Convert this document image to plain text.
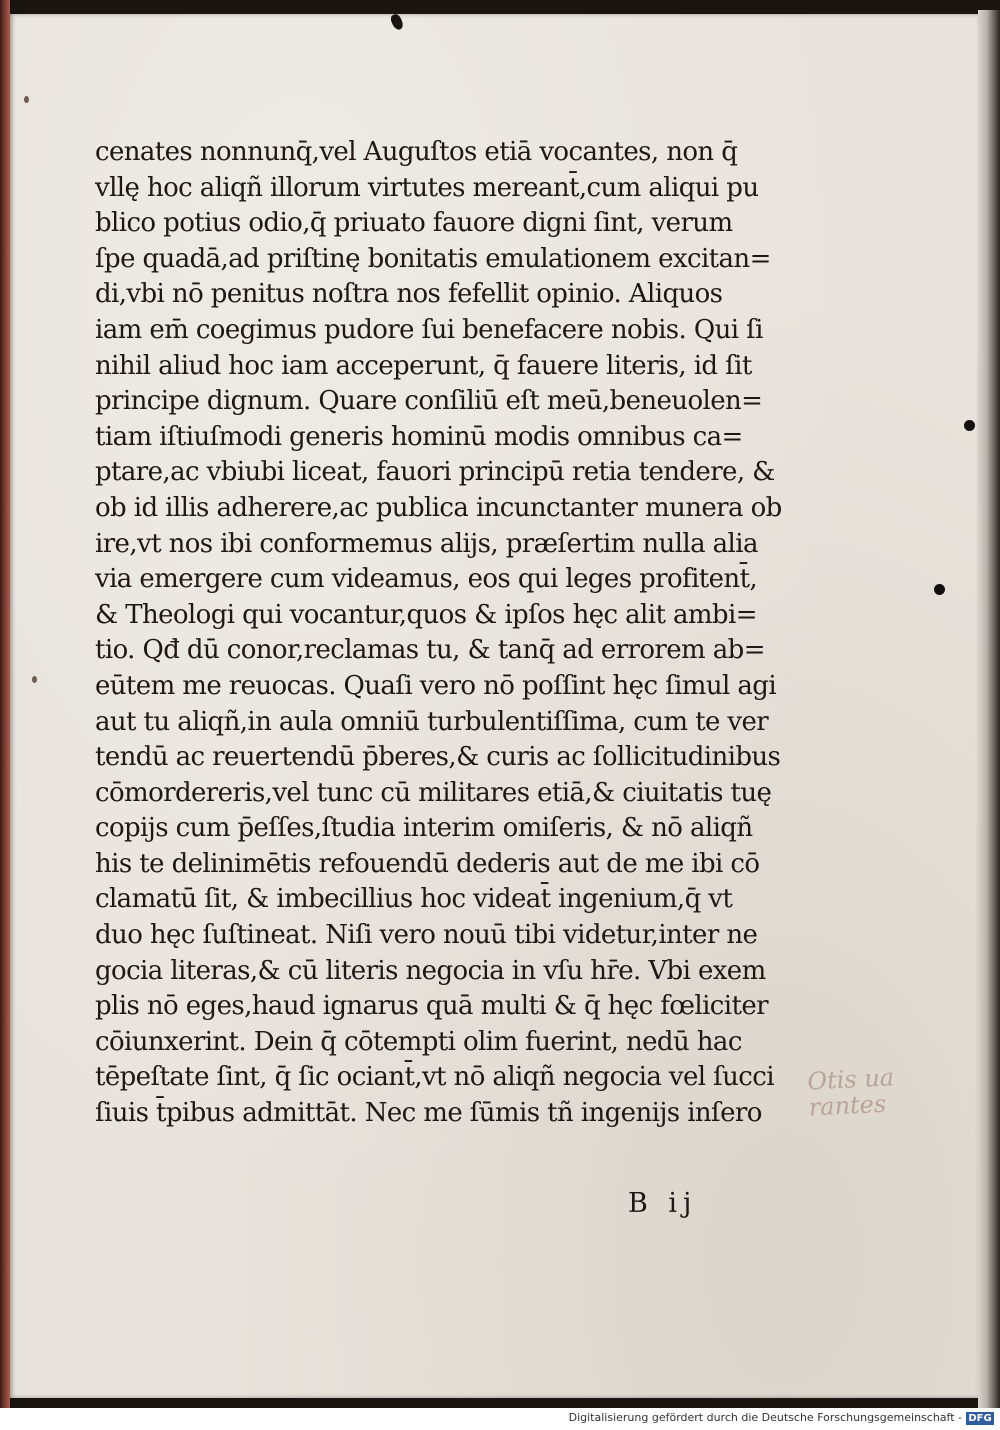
cenates nonnunq̄,vel Auguſtos etiā vocantes, non q̄
vllę hoc aliqñ illorum virtutes mereant̄,cum aliqui pu
blico potius odio,q̄ priuato fauore digni ſint, verum
ſpe quadā,ad priſtinę bonitatis emulationem excitan=
di,vbi nō penitus noſtra nos fefellit opinio. Aliquos
iam em̄ coegimus pudore ſui benefacere nobis. Qui ſi
nihil aliud hoc iam acceperunt, q̄ fauere literis, id ſit
principe dignum. Quare conſiliū eſt meū,beneuolen=
tiam iſtiuſmodi generis hominū modis omnibus ca=
ptare,ac vbiubi liceat, fauori principū retia tendere, &
ob id illis adherere,ac publica incunctanter munera ob
ire,vt nos ibi conformemus alijs, præſertim nulla alia
via emergere cum videamus, eos qui leges profitent̄,
& Theologi qui vocantur,quos & ipſos hęc alit ambi=
tio. Qđ dū conor,reclamas tu, & tanq̄ ad errorem ab=
eūtem me reuocas. Quaſi vero nō poſſint hęc ſimul agi
aut tu aliqñ,in aula omniū turbulentiſſima, cum te ver
tendū ac reuertendū p̄beres,& curis ac ſollicitudinibus
cōmordereris,vel tunc cū militares etiā,& ciuitatis tuę
copijs cum p̄eſſes,ſtudia interim omiſeris, & nō aliqñ
his te delinimētis refouendū dederis aut de me ibi cō
clamatū ſit, & imbecillius hoc videat̄ ingenium,q̄ vt
duo hęc ſuſtineat. Niſi vero nouū tibi videtur,inter ne
gocia literas,& cū literis negocia in vſu hr̄e. Vbi exem
plis nō eges,haud ignarus quā multi & q̄ hęc fœliciter
cōiunxerint. Dein q̄ cōtempti olim fuerint, nedū hac
tēpeſtate ſint, q̄ ſic ociant̄,vt nō aliqñ negocia vel ſucci
ſiuis t̄pibus admittāt. Nec me ſūmis tñ ingenijs inſero
B ij
Otis ua rantes
Digitalisierung gefördert durch die Deutsche Forschungsgemeinschaft - DFG
